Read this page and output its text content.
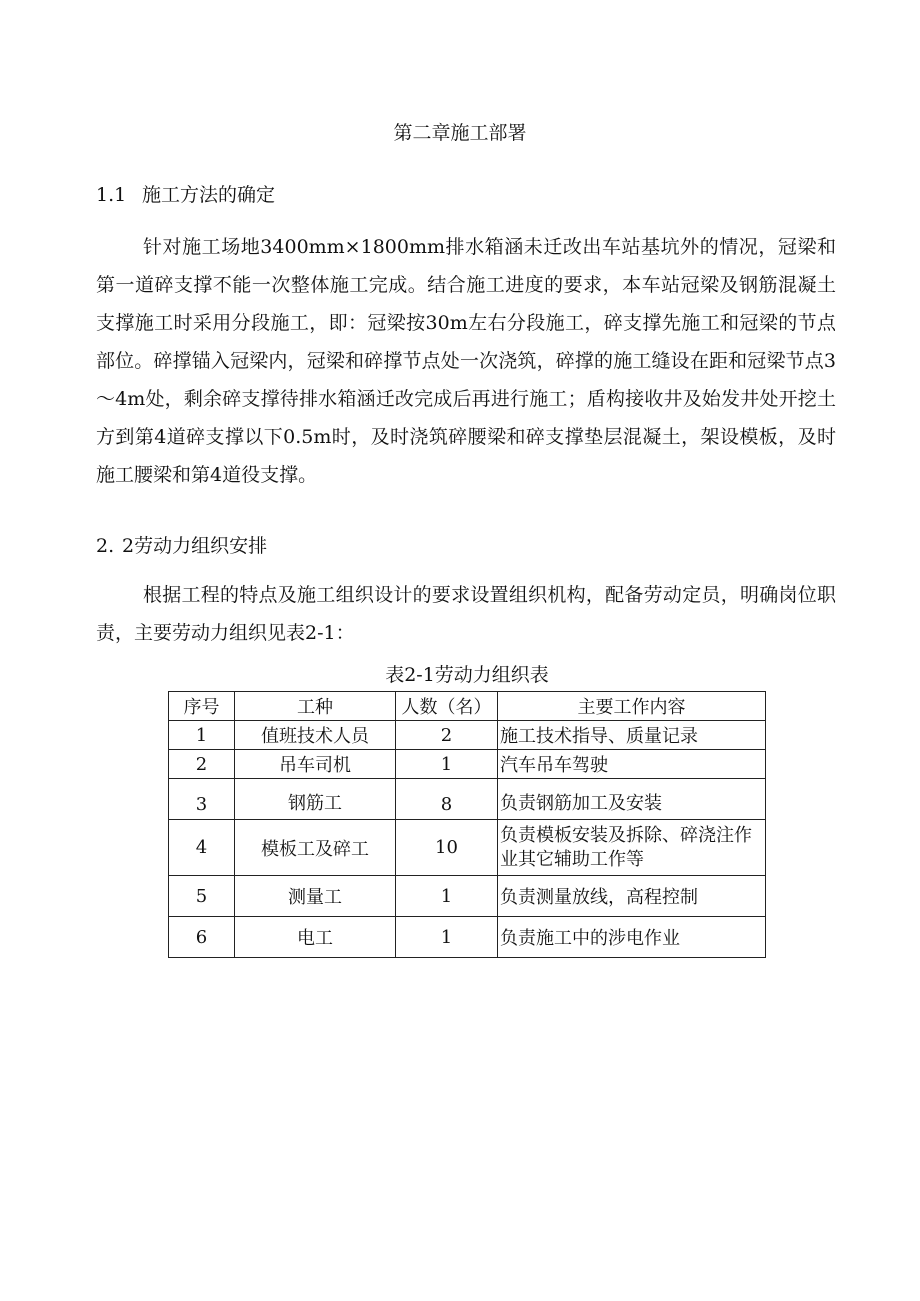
第二章施工部署
1.1 施工方法的确定

针对施工场地3400mm×1800mm排水箱涵未迁改出车站基坑外的情况，冠梁和第一道碎支撑不能一次整体施工完成。结合施工进度的要求，本车站冠梁及钢筋混凝土支撑施工时采用分段施工，即：冠梁按30m左右分段施工，碎支撑先施工和冠梁的节点部位。碎撑锚入冠梁内，冠梁和碎撑节点处一次浇筑，碎撑的施工缝设在距和冠梁节点3～4m处，剩余碎支撑待排水箱涵迁改完成后再进行施工；盾构接收井及始发井处开挖土方到第4道碎支撑以下0.5m时，及时浇筑碎腰梁和碎支撑垫层混凝土，架设模板，及时施工腰梁和第4道役支撑。

2. 2劳动力组织安排

根据工程的特点及施工组织设计的要求设置组织机构，配备劳动定员，明确岗位职责，主要劳动力组织见表2-1：

表2-1劳动力组织表
序号	工种	人数（名）	主要工作内容
1	值班技术人员	2	施工技术指导、质量记录
2	吊车司机	1	汽车吊车驾驶
3	钢筋工	8	负责钢筋加工及安装
4	模板工及碎工	10	负责模板安装及拆除、碎浇注作业其它辅助工作等
5	测量工	1	负责测量放线，高程控制
6	电工	1	负责施工中的涉电作业
